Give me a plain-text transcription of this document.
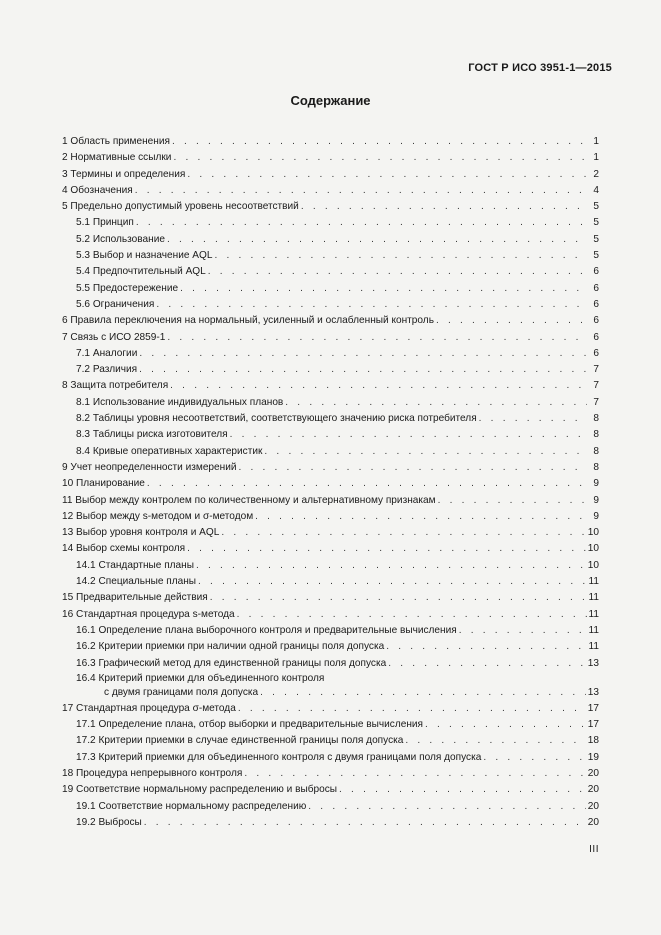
ГОСТ Р ИСО 3951-1—2015
Содержание
1 Область применения . . .	1
2 Нормативные ссылки . . .	1
3 Термины и определения . . .	2
4 Обозначения . . .	4
5 Предельно допустимый уровень несоответствий . . .	5
5.1 Принцип . . .	5
5.2 Использование . . .	5
5.3 Выбор и назначение AQL . . .	5
5.4 Предпочтительный AQL . . .	6
5.5 Предостережение . . .	6
5.6 Ограничения . . .	6
6 Правила переключения на нормальный, усиленный и ослабленный контроль . . .	6
7 Связь с ИСО 2859-1 . . .	6
7.1 Аналогии . . .	6
7.2 Различия . . .	7
8 Защита потребителя . . .	7
8.1 Использование индивидуальных планов . . .	7
8.2 Таблицы уровня несоответствий, соответствующего значению риска потребителя . . .	8
8.3 Таблицы риска изготовителя . . .	8
8.4 Кривые оперативных характеристик . . .	8
9 Учет неопределенности измерений . . .	8
10 Планирование . . .	9
11 Выбор между контролем по количественному и альтернативному признакам . . .	9
12 Выбор между s-методом и σ-методом . . .	9
13 Выбор уровня контроля и AQL . . .	10
14 Выбор схемы контроля . . .	10
14.1 Стандартные планы . . .	10
14.2 Специальные планы . . .	11
15 Предварительные действия . . .	11
16 Стандартная процедура s-метода . . .	11
16.1 Определение плана выборочного контроля и предварительные вычисления . . .	11
16.2 Критерии приемки при наличии одной границы поля допуска . . .	11
16.3 Графический метод для единственной границы поля допуска . . .	13
16.4 Критерий приемки для объединенного контроля
с двумя границами поля допуска . . .	13
17 Стандартная процедура σ-метода . . .	17
17.1 Определение плана, отбор выборки и предварительные вычисления . . .	17
17.2 Критерии приемки в случае единственной границы поля допуска . . .	18
17.3 Критерий приемки для объединенного контроля с двумя границами поля допуска . . .	19
18 Процедура непрерывного контроля . . .	20
19 Соответствие нормальному распределению и выбросы . . .	20
19.1 Соответствие нормальному распределению . . .	20
19.2 Выбросы . . .	20
III
